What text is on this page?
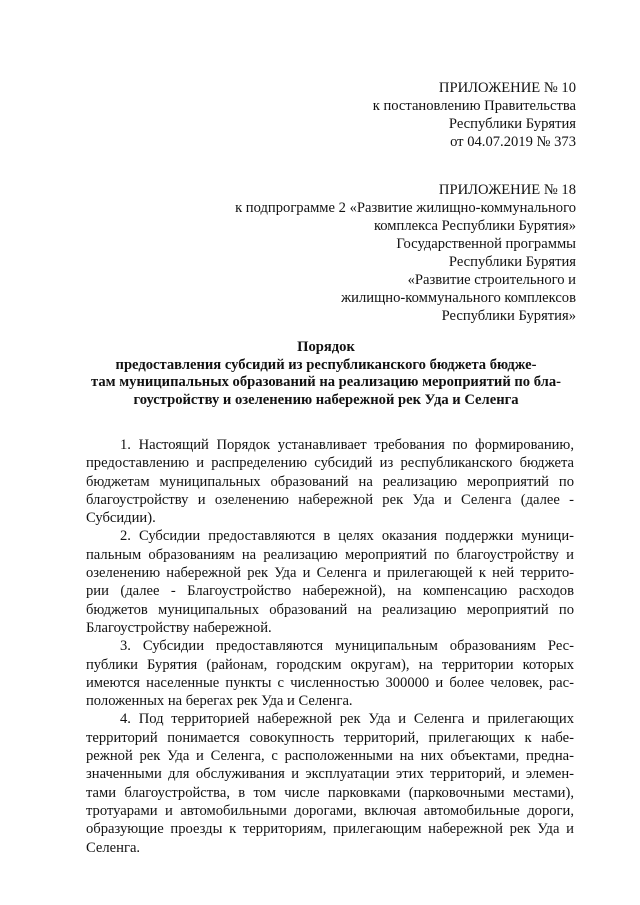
ПРИЛОЖЕНИЕ № 10
к постановлению Правительства
Республики Бурятия
от 04.07.2019 № 373
ПРИЛОЖЕНИЕ № 18
к подпрограмме 2 «Развитие жилищно-коммунального
комплекса Республики Бурятия»
Государственной программы
Республики Бурятия
«Развитие строительного и
жилищно-коммунального комплексов
Республики Бурятия»
Порядок
предоставления субсидий из республиканского бюджета бюдже-
там муниципальных образований на реализацию мероприятий по бла-
гоустройству и озеленению набережной рек Уда и Селенга
1. Настоящий Порядок устанавливает требования по формированию,
предоставлению и распределению субсидий из республиканского бюджета
бюджетам муниципальных образований на реализацию мероприятий по
благоустройству и озеленению набережной рек Уда и Селенга (далее -
Субсидии).
2. Субсидии предоставляются в целях оказания поддержки муници-
пальным образованиям на реализацию мероприятий по благоустройству и
озеленению набережной рек Уда и Селенга и прилегающей к ней террито-
рии (далее - Благоустройство набережной), на компенсацию расходов
бюджетов муниципальных образований на реализацию мероприятий по
Благоустройству набережной.
3. Субсидии предоставляются муниципальным образованиям Рес-
публики Бурятия (районам, городским округам), на территории которых
имеются населенные пункты с численностью 300000 и более человек, рас-
положенных на берегах рек Уда и Селенга.
4. Под территорией набережной рек Уда и Селенга и прилегающих
территорий понимается совокупность территорий, прилегающих к набе-
режной рек Уда и Селенга, с расположенными на них объектами, предна-
значенными для обслуживания и эксплуатации этих территорий, и элемен-
тами благоустройства, в том числе парковками (парковочными местами),
тротуарами и автомобильными дорогами, включая автомобильные дороги,
образующие проезды к территориям, прилегающим набережной рек Уда и
Селенга.
